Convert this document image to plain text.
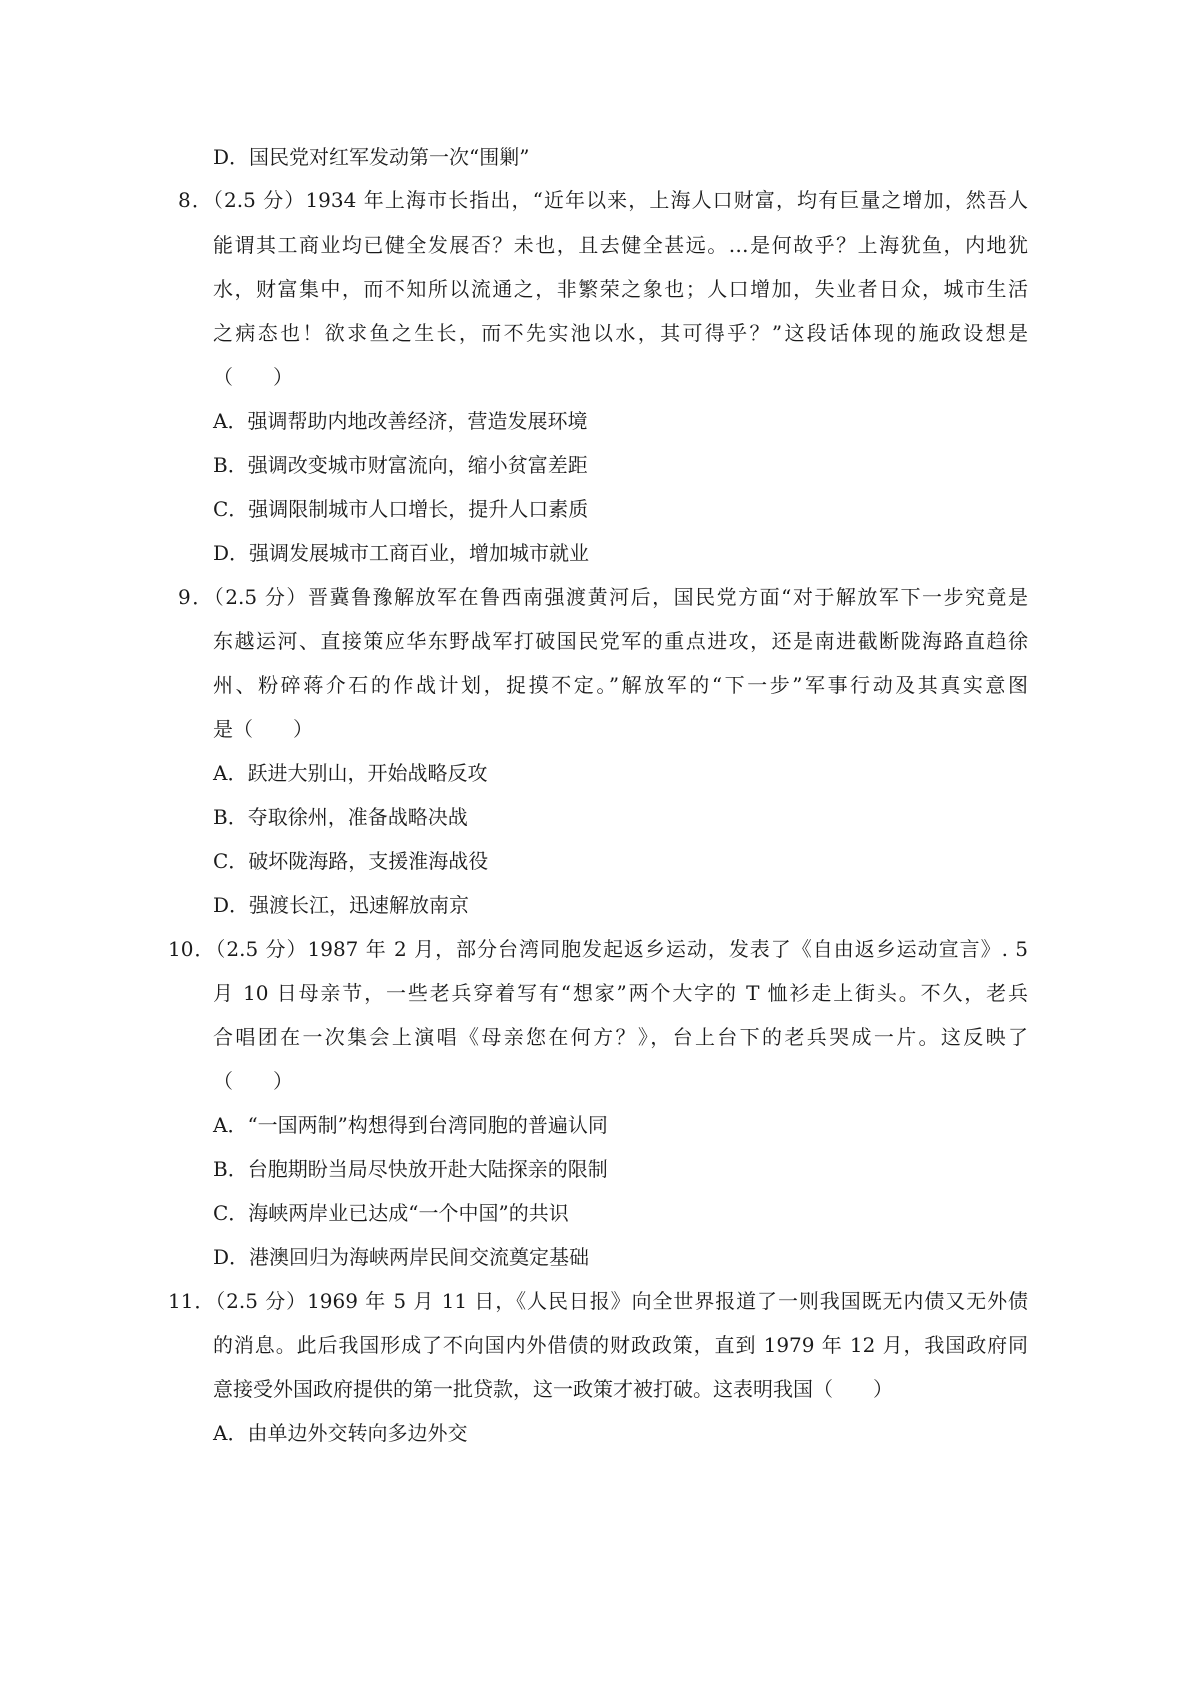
D．国民党对红军发动第一次“围剿”
8．（2.5 分）1934 年上海市长指出，“近年以来，上海人口财富，均有巨量之增加，然吾人
能谓其工商业均已健全发展否？未也，且去健全甚远。…是何故乎？上海犹鱼，内地犹
水，财富集中，而不知所以流通之，非繁荣之象也；人口增加，失业者日众，城市生活
之病态也！欲求鱼之生长，而不先实池以水，其可得乎？”这段话体现的施政设想是
（　　）
A．强调帮助内地改善经济，营造发展环境
B．强调改变城市财富流向，缩小贫富差距
C．强调限制城市人口增长，提升人口素质
D．强调发展城市工商百业，增加城市就业
9．（2.5 分）晋冀鲁豫解放军在鲁西南强渡黄河后，国民党方面“对于解放军下一步究竟是
东越运河、直接策应华东野战军打破国民党军的重点进攻，还是南进截断陇海路直趋徐
州、粉碎蒋介石的作战计划，捉摸不定。”解放军的“下一步”军事行动及其真实意图
是（　　）
A．跃进大别山，开始战略反攻
B．夺取徐州，准备战略决战
C．破坏陇海路，支援淮海战役
D．强渡长江，迅速解放南京
10．（2.5 分）1987 年 2 月，部分台湾同胞发起返乡运动，发表了《自由返乡运动宣言》. 5
月 10 日母亲节，一些老兵穿着写有“想家”两个大字的 T 恤衫走上街头。不久，老兵
合唱团在一次集会上演唱《母亲您在何方？》，台上台下的老兵哭成一片。这反映了
（　　）
A．“一国两制”构想得到台湾同胞的普遍认同
B．台胞期盼当局尽快放开赴大陆探亲的限制
C．海峡两岸业已达成“一个中国”的共识
D．港澳回归为海峡两岸民间交流奠定基础
11．（2.5 分）1969 年 5 月 11 日，《人民日报》向全世界报道了一则我国既无内债又无外债
的消息。此后我国形成了不向国内外借债的财政政策，直到 1979 年 12 月，我国政府同
意接受外国政府提供的第一批贷款，这一政策才被打破。这表明我国（　　）
A．由单边外交转向多边外交
